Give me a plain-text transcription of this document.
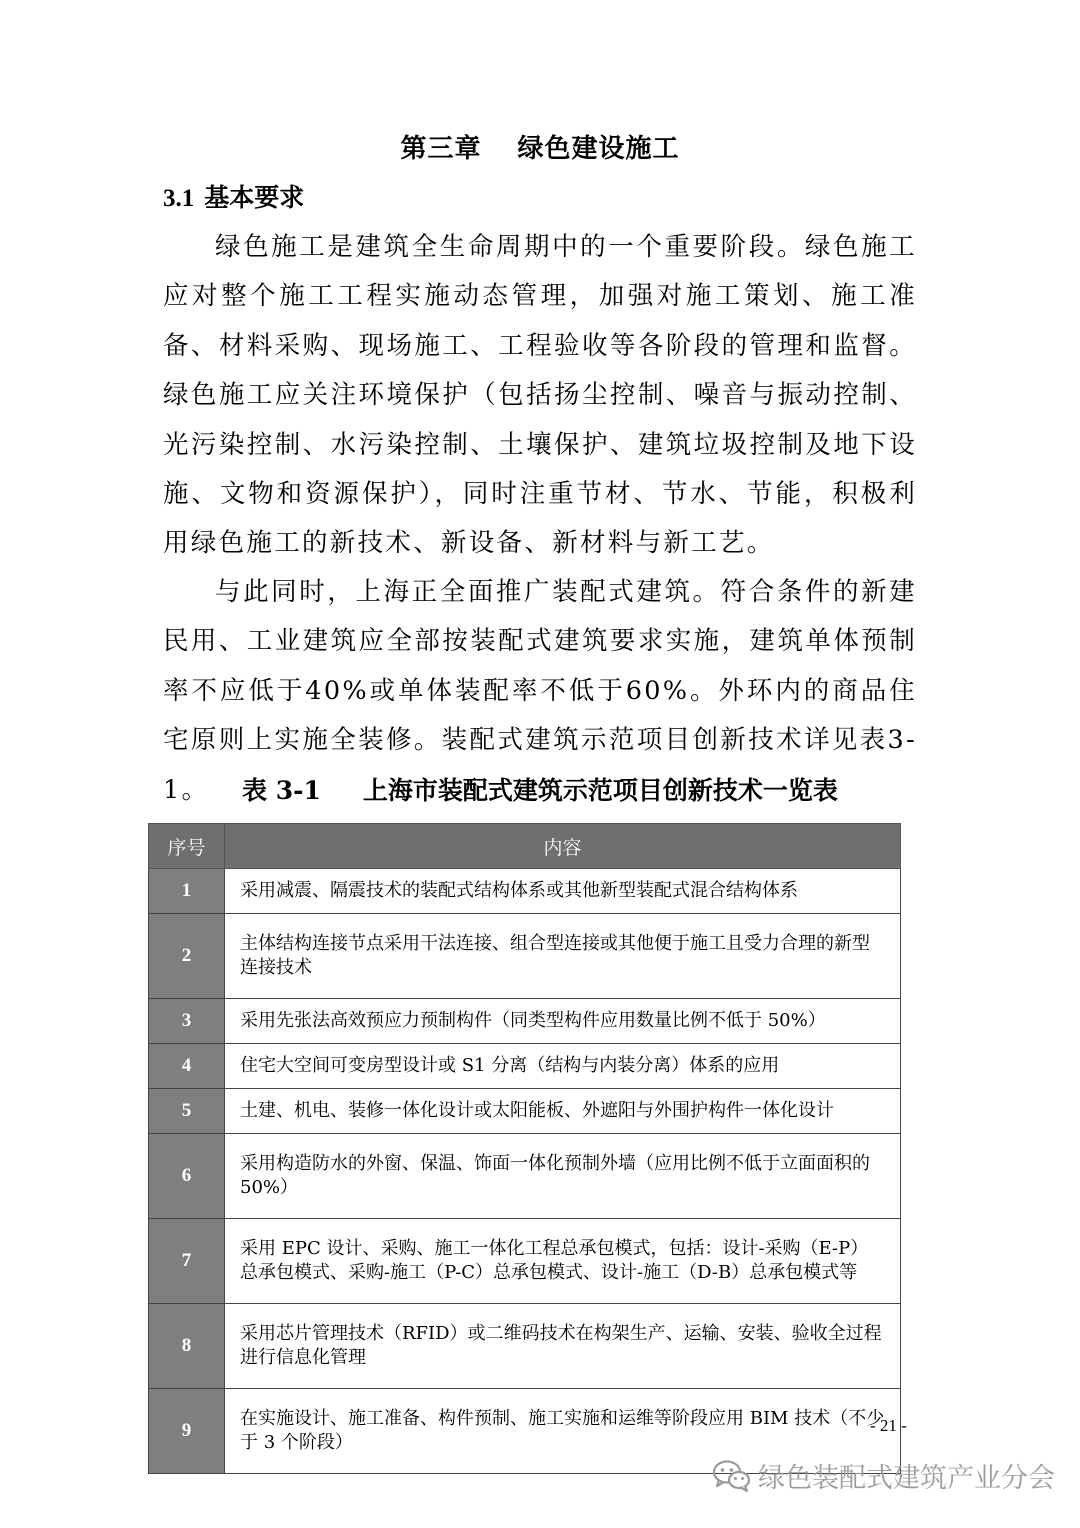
第三章 绿色建设施工
3.1 基本要求
绿色施工是建筑全生命周期中的一个重要阶段。绿色施工应对整个施工工程实施动态管理，加强对施工策划、施工准备、材料采购、现场施工、工程验收等各阶段的管理和监督。绿色施工应关注环境保护（包括扬尘控制、噪音与振动控制、光污染控制、水污染控制、土壤保护、建筑垃圾控制及地下设施、文物和资源保护），同时注重节材、节水、节能，积极利用绿色施工的新技术、新设备、新材料与新工艺。
与此同时，上海正全面推广装配式建筑。符合条件的新建民用、工业建筑应全部按装配式建筑要求实施，建筑单体预制率不应低于40%或单体装配率不低于60%。外环内的商品住宅原则上实施全装修。装配式建筑示范项目创新技术详见表3-1。	表 3-1 上海市装配式建筑示范项目创新技术一览表
序号	内容
1	采用减震、隔震技术的装配式结构体系或其他新型装配式混合结构体系
2	主体结构连接节点采用干法连接、组合型连接或其他便于施工且受力合理的新型连接技术
3	采用先张法高效预应力预制构件（同类型构件应用数量比例不低于 50%）
4	住宅大空间可变房型设计或 S1 分离（结构与内装分离）体系的应用
5	土建、机电、装修一体化设计或太阳能板、外遮阳与外围护构件一体化设计
6	采用构造防水的外窗、保温、饰面一体化预制外墙（应用比例不低于立面面积的 50%）
7	采用 EPC 设计、采购、施工一体化工程总承包模式，包括：设计-采购（E-P）总承包模式、采购-施工（P-C）总承包模式、设计-施工（D-B）总承包模式等
8	采用芯片管理技术（RFID）或二维码技术在构架生产、运输、安装、验收全过程进行信息化管理
9	在实施设计、施工准备、构件预制、施工实施和运维等阶段应用 BIM 技术（不少于 3 个阶段）
- 21 -
绿色装配式建筑产业分会
